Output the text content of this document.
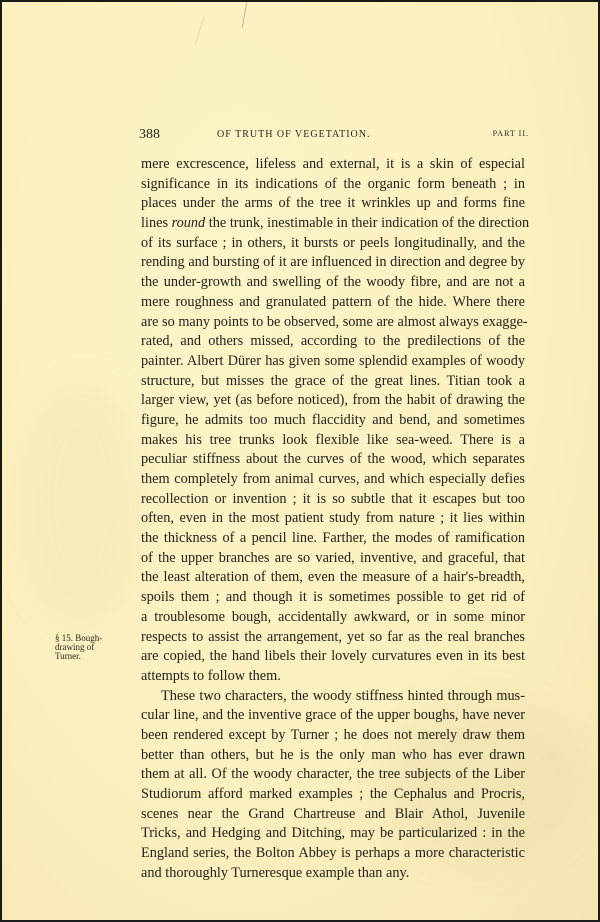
388	OF TRUTH OF VEGETATION.	PART II.
§ 15. Bough-
drawing of
Turner.
mere excrescence, lifeless and external, it is a skin of especial
significance in its indications of the organic form beneath ; in
places under the arms of the tree it wrinkles up and forms fine
lines round the trunk, inestimable in their indication of the direction
of its surface ; in others, it bursts or peels longitudinally, and the
rending and bursting of it are influenced in direction and degree by
the under-growth and swelling of the woody fibre, and are not a
mere roughness and granulated pattern of the hide. Where there
are so many points to be observed, some are almost always exagge-
rated, and others missed, according to the predilections of the
painter. Albert Dürer has given some splendid examples of woody
structure, but misses the grace of the great lines. Titian took a
larger view, yet (as before noticed), from the habit of drawing the
figure, he admits too much flaccidity and bend, and sometimes
makes his tree trunks look flexible like sea-weed. There is a
peculiar stiffness about the curves of the wood, which separates
them completely from animal curves, and which especially defies
recollection or invention ; it is so subtle that it escapes but too
often, even in the most patient study from nature ; it lies within
the thickness of a pencil line. Farther, the modes of ramification
of the upper branches are so varied, inventive, and graceful, that
the least alteration of them, even the measure of a hair's-breadth,
spoils them ; and though it is sometimes possible to get rid of
a troublesome bough, accidentally awkward, or in some minor
respects to assist the arrangement, yet so far as the real branches
are copied, the hand libels their lovely curvatures even in its best
attempts to follow them.
These two characters, the woody stiffness hinted through mus-
cular line, and the inventive grace of the upper boughs, have never
been rendered except by Turner ; he does not merely draw them
better than others, but he is the only man who has ever drawn
them at all. Of the woody character, the tree subjects of the Liber
Studiorum afford marked examples ; the Cephalus and Procris,
scenes near the Grand Chartreuse and Blair Athol, Juvenile
Tricks, and Hedging and Ditching, may be particularized : in the
England series, the Bolton Abbey is perhaps a more characteristic
and thoroughly Turneresque example than any.
